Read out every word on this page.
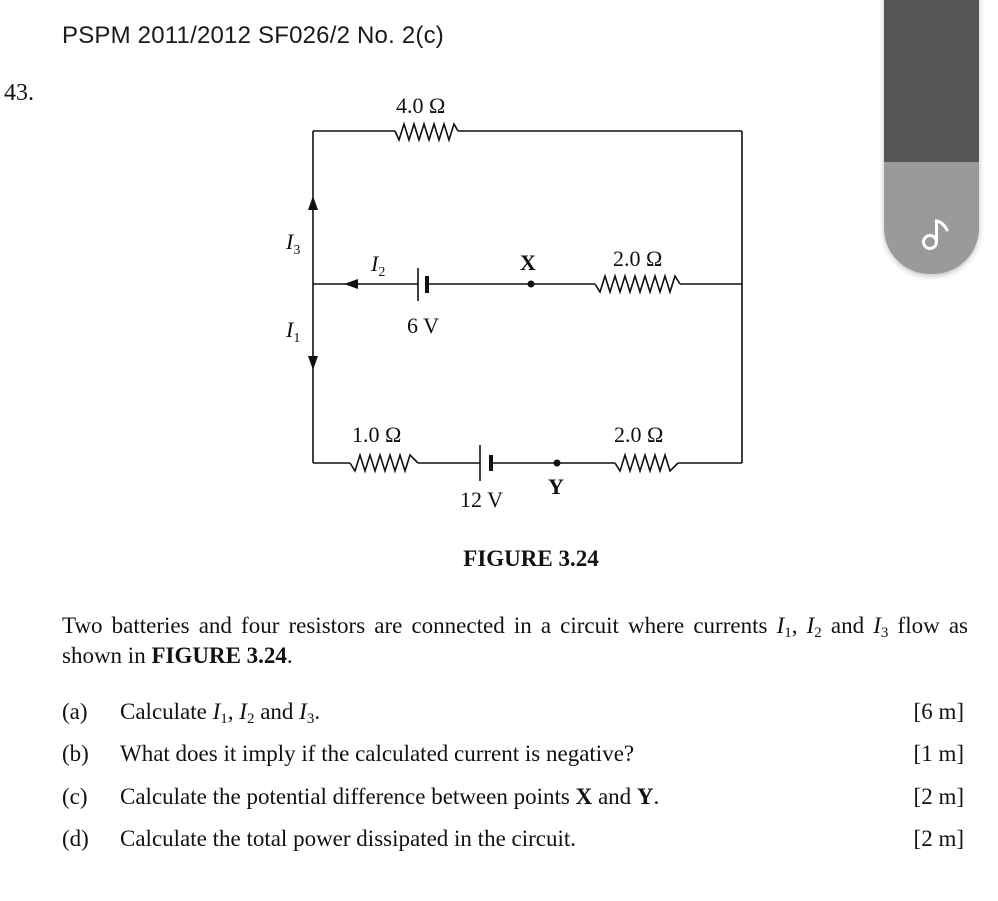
PSPM 2011/2012 SF026/2 No. 2(c)
43.	4.0 Ω
2.0 Ω
1.0 Ω	2.0 Ω
6 V
12 V
X
Y
$I_3$
$I_2$
$I_1$
FIGURE 3.24
Two batteries and four resistors are connected in a circuit where currents $I_1$, $I_2$ and $I_3$ flow as shown in FIGURE 3.24.
(a) Calculate $I_1$, $I_2$ and $I_3$.	[6 m]
(b) What does it imply if the calculated current is negative?	[1 m]
(c) Calculate the potential difference between points X and Y.	[2 m]
(d) Calculate the total power dissipated in the circuit.	[2 m]
